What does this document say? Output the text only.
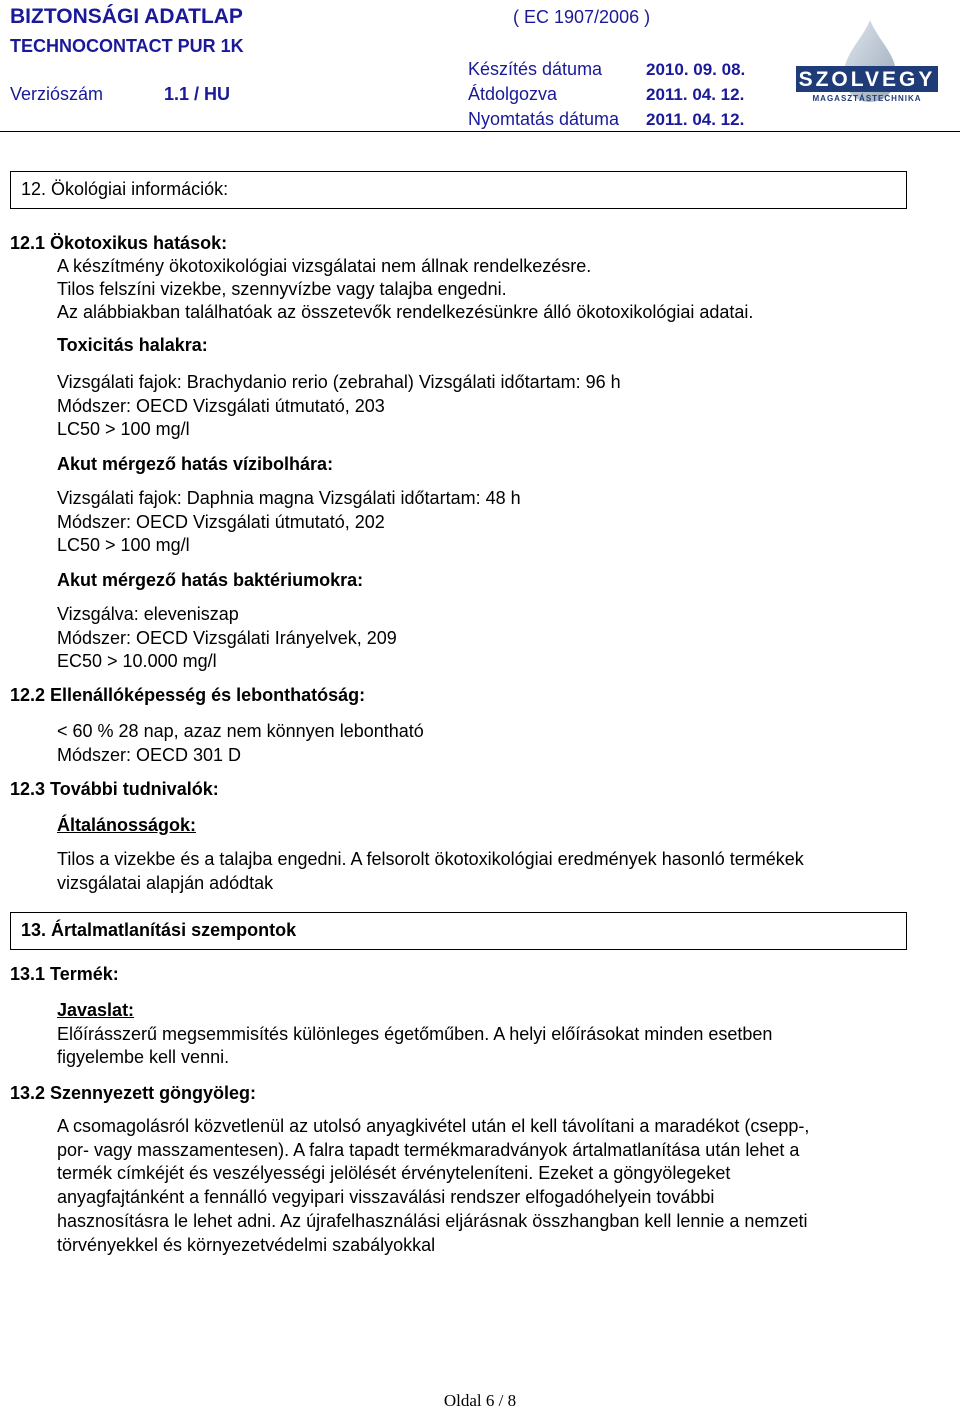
BIZTONSÁGI ADATLAP	( EC 1907/2006 )
TECHNOCONTACT PUR 1K
Verziószám	1.1 / HU
Készítés dátuma	2010. 09. 08.
Átdolgozva	2011. 04. 12.
Nyomtatás dátuma 2011. 04. 12.
SZOLVEGY
MAGASZTÁSTECHNIKA
12. Ökológiai információk:
12.1 Ökotoxikus hatások:
A készítmény ökotoxikológiai vizsgálatai nem állnak rendelkezésre.
Tilos felszíni vizekbe, szennyvízbe vagy talajba engedni.
Az alábbiakban találhatóak az összetevők rendelkezésünkre álló ökotoxikológiai adatai.
Toxicitás halakra:
Vizsgálati fajok: Brachydanio rerio (zebrahal) Vizsgálati időtartam: 96 h
Módszer: OECD Vizsgálati útmutató, 203
LC50 > 100 mg/l
Akut mérgező hatás vízibolhára:
Vizsgálati fajok: Daphnia magna Vizsgálati időtartam: 48 h
Módszer: OECD Vizsgálati útmutató, 202
LC50 > 100 mg/l
Akut mérgező hatás baktériumokra:
Vizsgálva: eleveniszap
Módszer: OECD Vizsgálati Irányelvek, 209
EC50 > 10.000 mg/l
12.2 Ellenállóképesség és lebonthatóság:
< 60 % 28 nap, azaz nem könnyen lebontható
Módszer: OECD 301 D
12.3 További tudnivalók:
Általánosságok:
Tilos a vizekbe és a talajba engedni. A felsorolt ökotoxikológiai eredmények hasonló termékek
vizsgálatai alapján adódtak
13. Ártalmatlanítási szempontok
13.1 Termék:
Javaslat:
Előírásszerű megsemmisítés különleges égetőműben. A helyi előírásokat minden esetben
figyelembe kell venni.
13.2 Szennyezett göngyöleg:
A csomagolásról közvetlenül az utolsó anyagkivétel után el kell távolítani a maradékot (csepp-,
por- vagy masszamentesen). A falra tapadt termékmaradványok ártalmatlanítása után lehet a
termék címkéjét és veszélyességi jelölését érvényteleníteni. Ezeket a göngyölegeket
anyagfajtánként a fennálló vegyipari visszaválási rendszer elfogadóhelyein további
hasznosításra le lehet adni. Az újrafelhasználási eljárásnak összhangban kell lennie a nemzeti
törvényekkel és környezetvédelmi szabályokkal
Oldal 6 / 8
